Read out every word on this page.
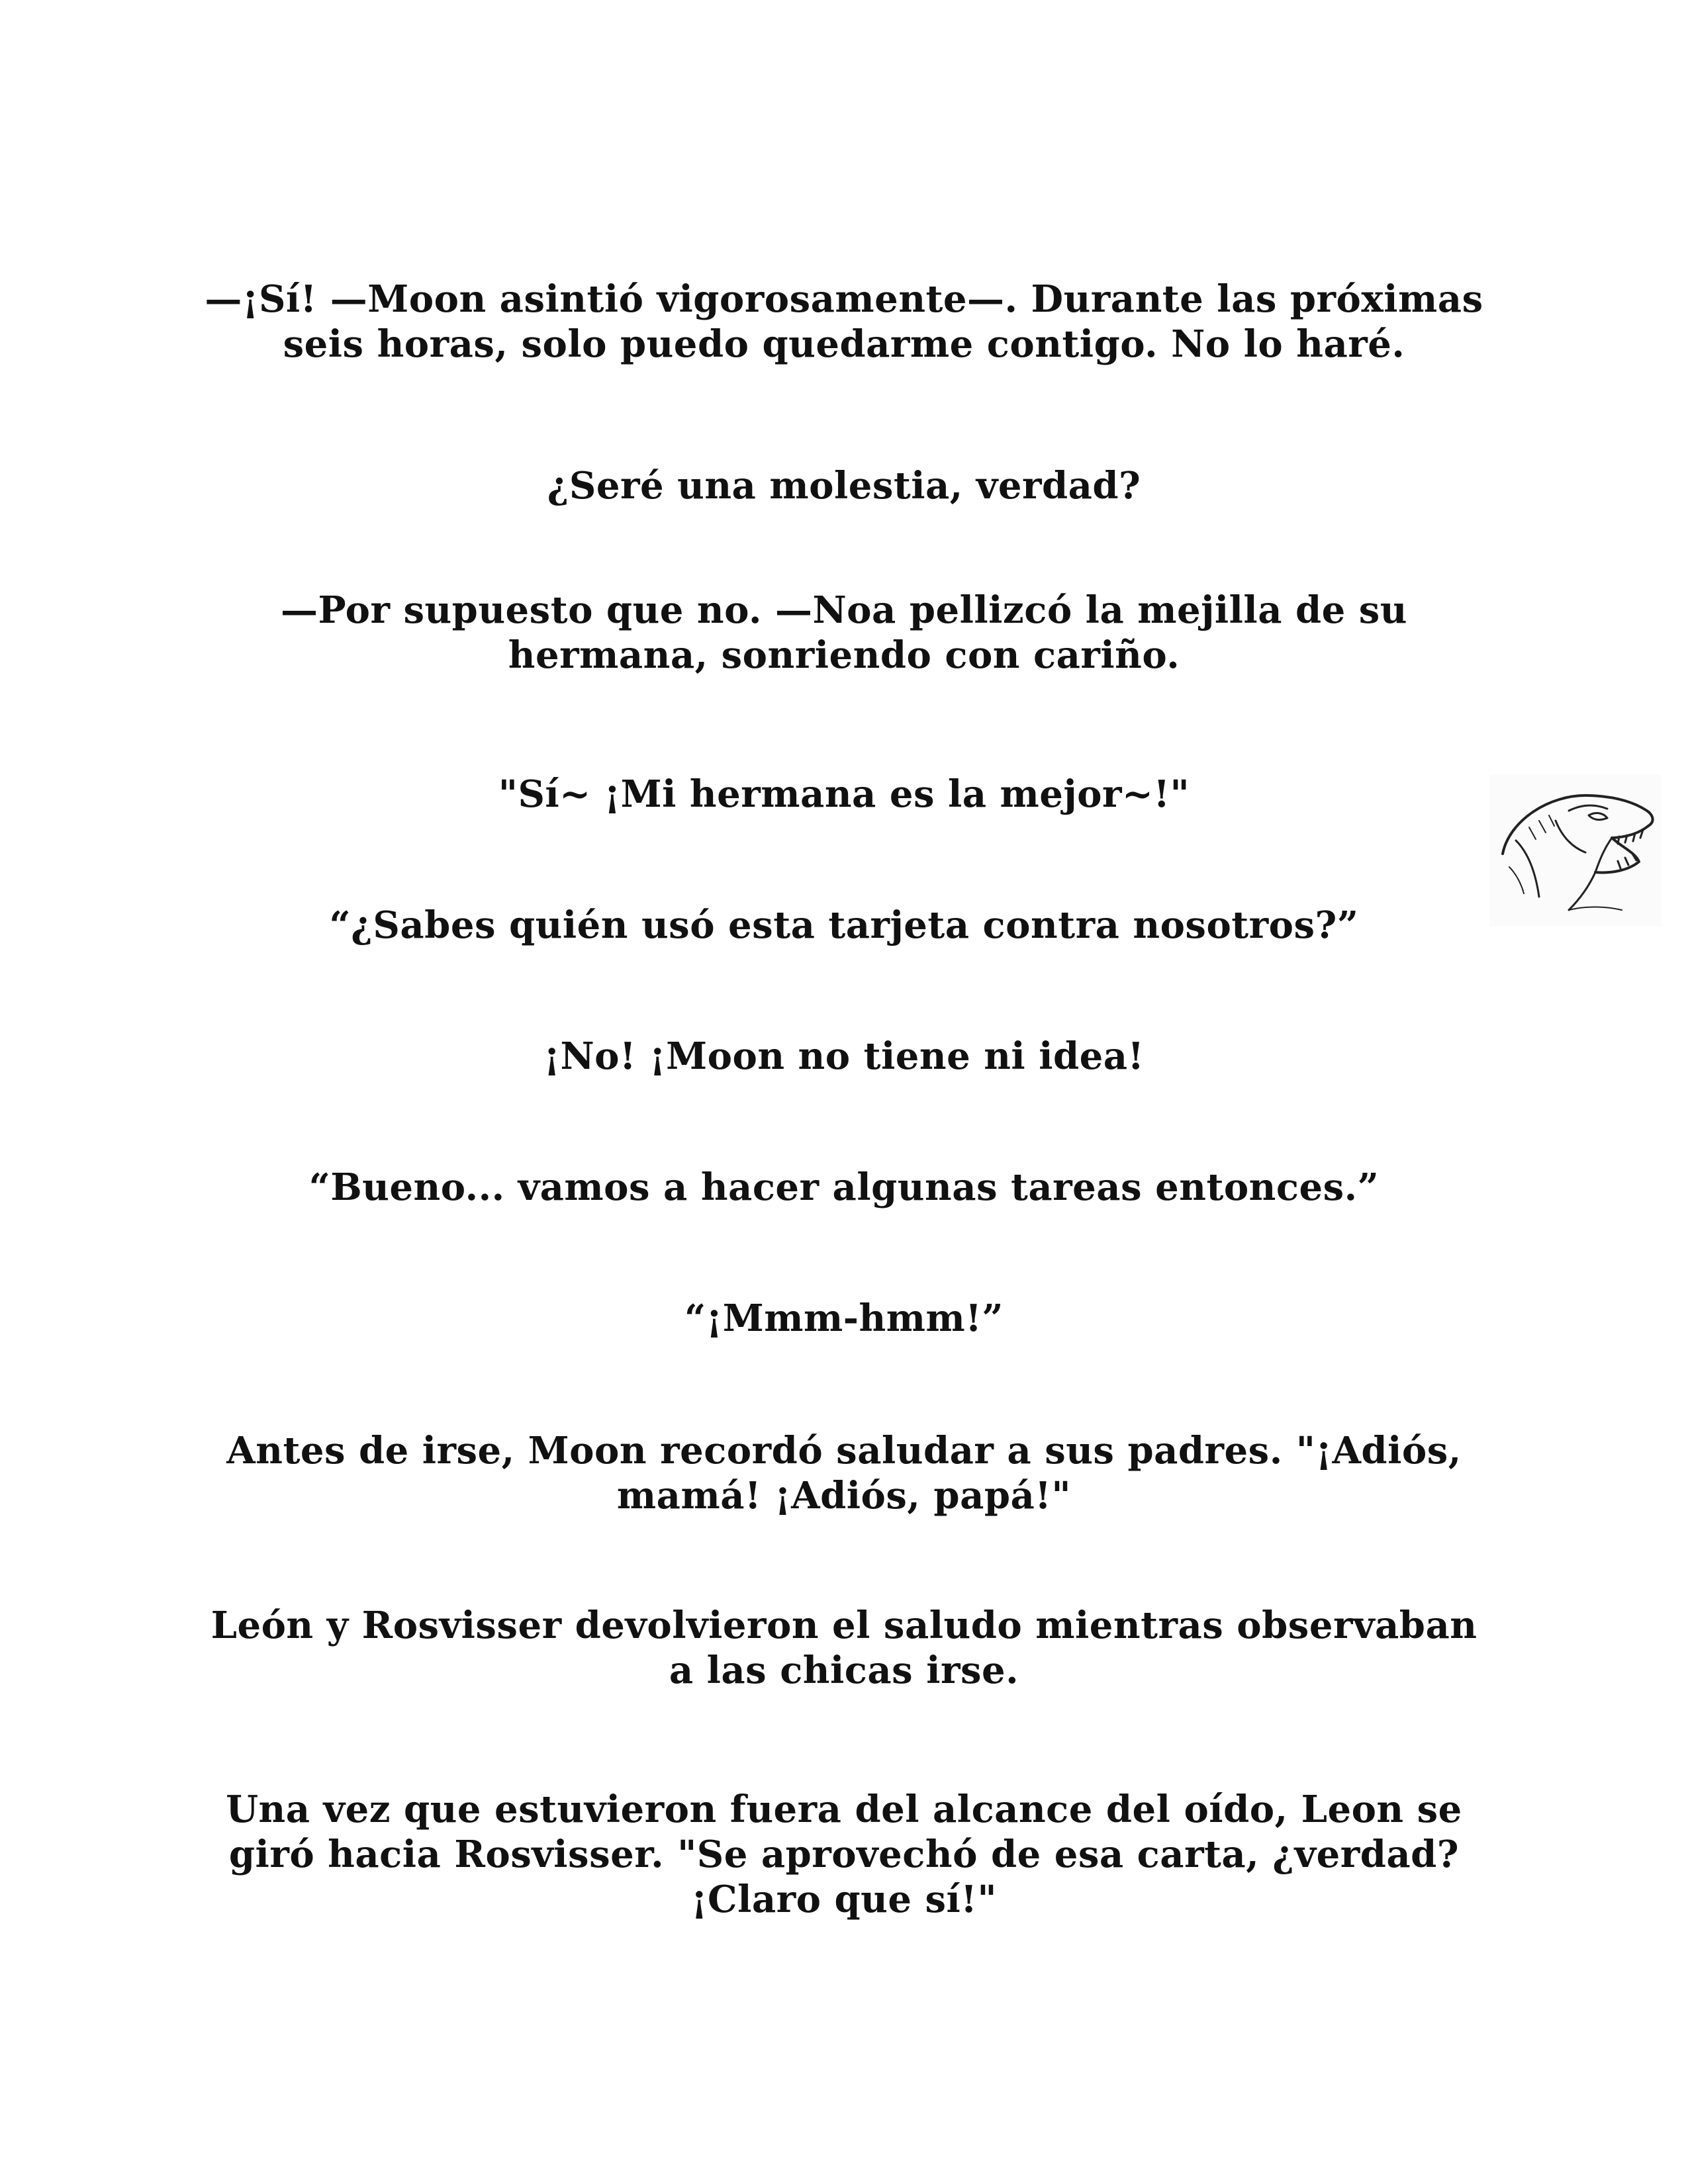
—¡Sí! —Moon asintió vigorosamente—. Durante las próximas seis horas, solo puedo quedarme contigo. No lo haré.

¿Seré una molestia, verdad?

—Por supuesto que no. —Noa pellizcó la mejilla de su hermana, sonriendo con cariño.

"Sí~ ¡Mi hermana es la mejor~!"

“¿Sabes quién usó esta tarjeta contra nosotros?”

¡No! ¡Moon no tiene ni idea!

“Bueno... vamos a hacer algunas tareas entonces.”

“¡Mmm-hmm!”

Antes de irse, Moon recordó saludar a sus padres. "¡Adiós, mamá! ¡Adiós, papá!"

León y Rosvisser devolvieron el saludo mientras observaban a las chicas irse.

Una vez que estuvieron fuera del alcance del oído, Leon se giró hacia Rosvisser. "Se aprovechó de esa carta, ¿verdad? ¡Claro que sí!"
